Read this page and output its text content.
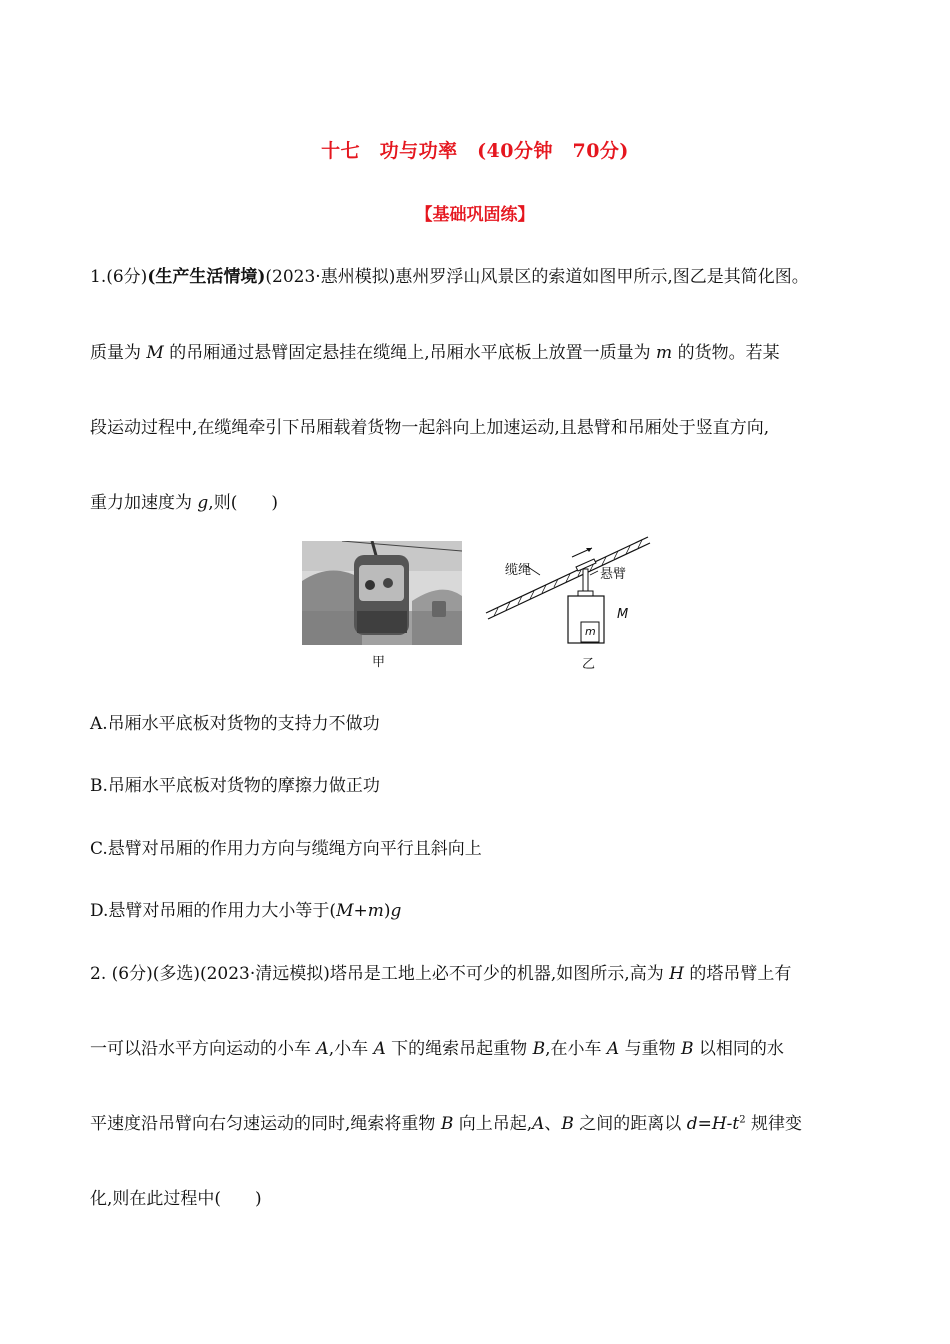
十七　功与功率　(40分钟　70分)
【基础巩固练】
1.(6分)(生产生活情境)(2023·惠州模拟)惠州罗浮山风景区的索道如图甲所示,图乙是其简化图。
质量为 M 的吊厢通过悬臂固定悬挂在缆绳上,吊厢水平底板上放置一质量为 m 的货物。若某
段运动过程中,在缆绳牵引下吊厢载着货物一起斜向上加速运动,且悬臂和吊厢处于竖直方向,
重力加速度为 g,则(　　)
甲
缆绳	悬臂
M
m
乙
A.吊厢水平底板对货物的支持力不做功
B.吊厢水平底板对货物的摩擦力做正功
C.悬臂对吊厢的作用力方向与缆绳方向平行且斜向上
D.悬臂对吊厢的作用力大小等于(M+m)g
2. (6分)(多选)(2023·清远模拟)塔吊是工地上必不可少的机器,如图所示,高为 H 的塔吊臂上有
一可以沿水平方向运动的小车 A,小车 A 下的绳索吊起重物 B,在小车 A 与重物 B 以相同的水
平速度沿吊臂向右匀速运动的同时,绳索将重物 B 向上吊起,A、B 之间的距离以 $d=H-t^2$ 规律变
化,则在此过程中(　　)
